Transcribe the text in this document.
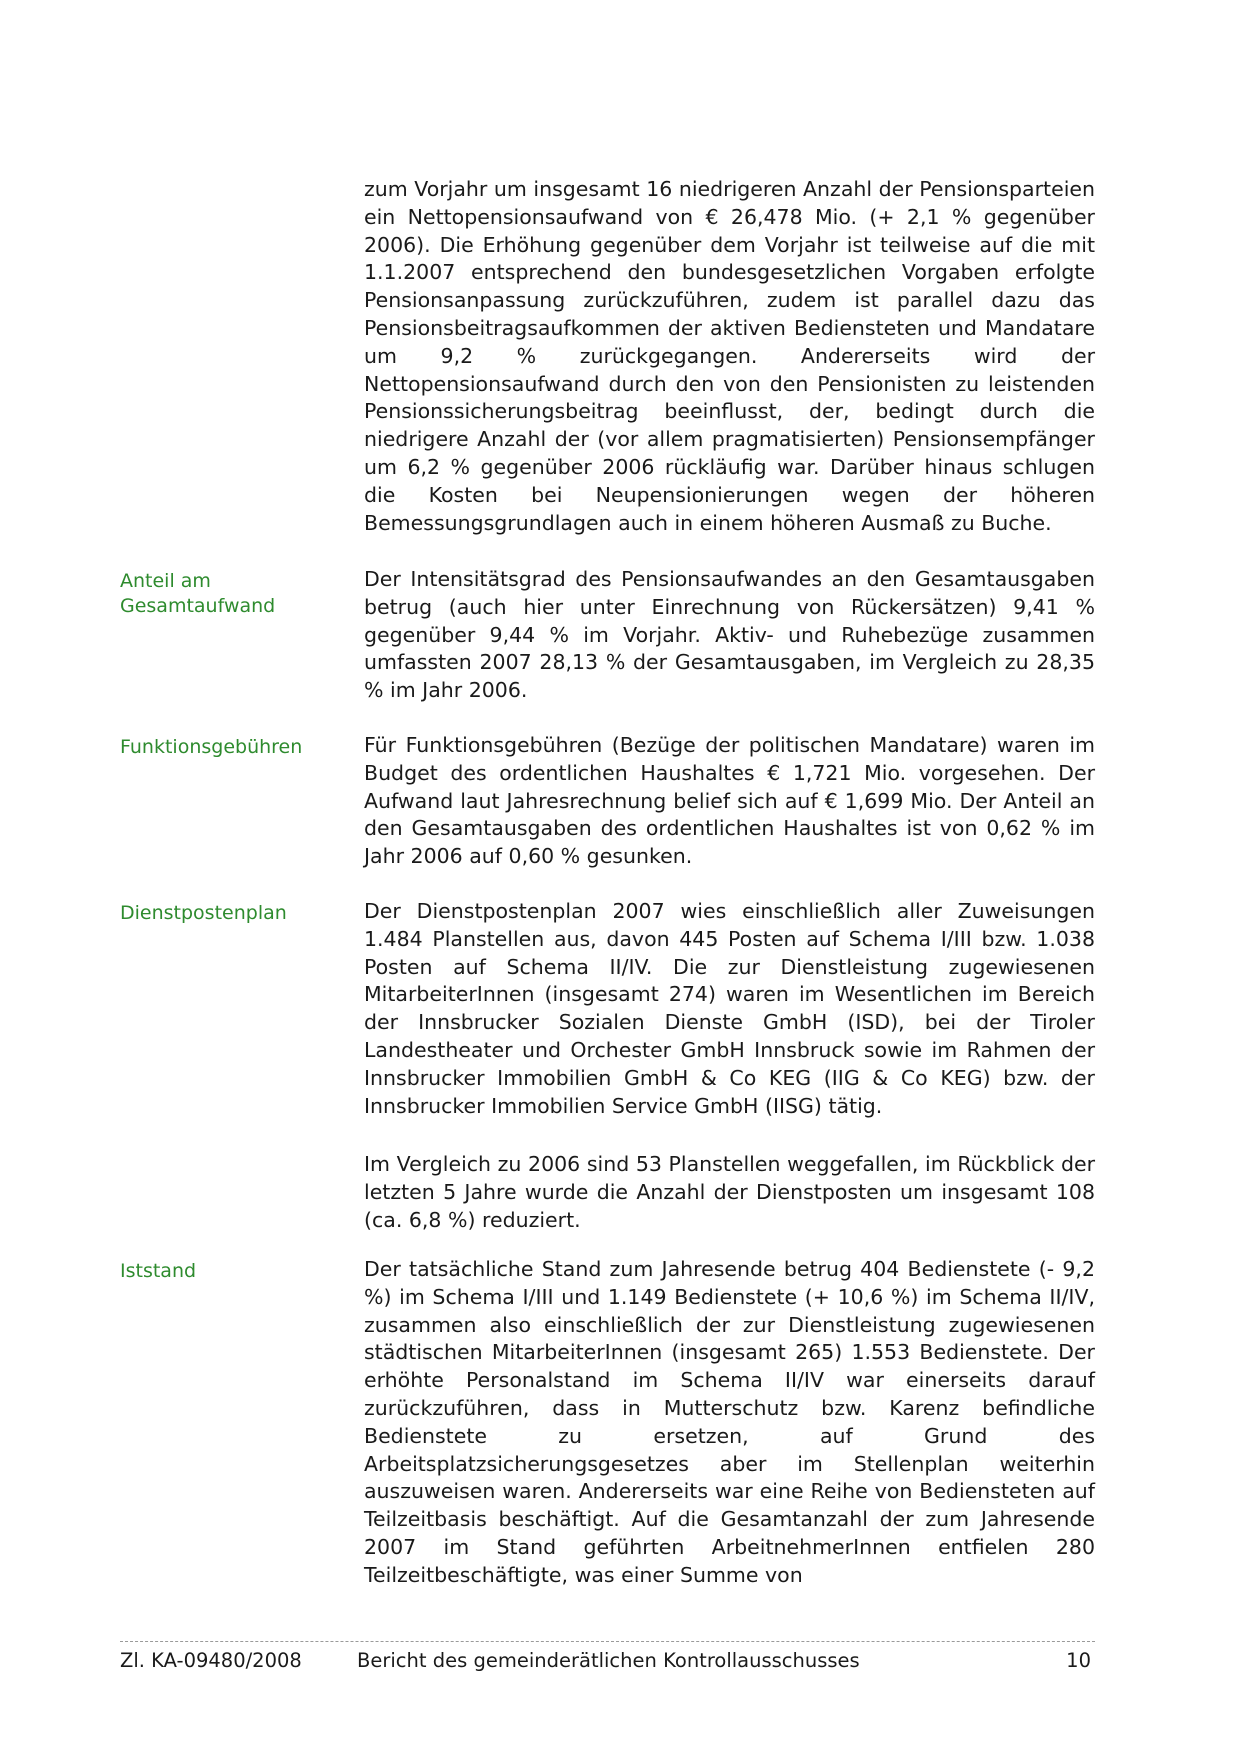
zum Vorjahr um insgesamt 16 niedrigeren Anzahl der Pensionsparteien ein Nettopensionsaufwand von € 26,478 Mio. (+ 2,1 % gegenüber 2006). Die Erhöhung gegenüber dem Vorjahr ist teilweise auf die mit 1.1.2007 entsprechend den bundesgesetzlichen Vorgaben erfolgte Pensionsanpassung zurückzuführen, zudem ist parallel dazu das Pensionsbeitragsaufkommen der aktiven Bediensteten und Mandatare um 9,2 % zurückgegangen. Andererseits wird der Nettopensionsaufwand durch den von den Pensionisten zu leistenden Pensionssicherungsbeitrag beeinflusst, der, bedingt durch die niedrigere Anzahl der (vor allem pragmatisierten) Pensionsempfänger um 6,2 % gegenüber 2006 rückläufig war. Darüber hinaus schlugen die Kosten bei Neupensionierungen wegen der höheren Bemessungsgrundlagen auch in einem höheren Ausmaß zu Buche.

Anteil am
Gesamtaufwand

Der Intensitätsgrad des Pensionsaufwandes an den Gesamtausgaben betrug (auch hier unter Einrechnung von Rückersätzen) 9,41 % gegenüber 9,44 % im Vorjahr. Aktiv- und Ruhebezüge zusammen umfassten 2007 28,13 % der Gesamtausgaben, im Vergleich zu 28,35 % im Jahr 2006.

Funktionsgebühren	Für Funktionsgebühren (Bezüge der politischen Mandatare) waren im Budget des ordentlichen Haushaltes € 1,721 Mio. vorgesehen. Der Aufwand laut Jahresrechnung belief sich auf € 1,699 Mio. Der Anteil an den Gesamtausgaben des ordentlichen Haushaltes ist von 0,62 % im Jahr 2006 auf 0,60 % gesunken.

Dienstpostenplan	Der Dienstpostenplan 2007 wies einschließlich aller Zuweisungen 1.484 Planstellen aus, davon 445 Posten auf Schema I/III bzw. 1.038 Posten auf Schema II/IV. Die zur Dienstleistung zugewiesenen MitarbeiterInnen (insgesamt 274) waren im Wesentlichen im Bereich der Innsbrucker Sozialen Dienste GmbH (ISD), bei der Tiroler Landestheater und Orchester GmbH Innsbruck sowie im Rahmen der Innsbrucker Immobilien GmbH & Co KEG (IIG & Co KEG) bzw. der Innsbrucker Immobilien Service GmbH (IISG) tätig.

Im Vergleich zu 2006 sind 53 Planstellen weggefallen, im Rückblick der letzten 5 Jahre wurde die Anzahl der Dienstposten um insgesamt 108 (ca. 6,8 %) reduziert.

Iststand	Der tatsächliche Stand zum Jahresende betrug 404 Bedienstete (- 9,2 %) im Schema I/III und 1.149 Bedienstete (+ 10,6 %) im Schema II/IV, zusammen also einschließlich der zur Dienstleistung zugewiesenen städtischen MitarbeiterInnen (insgesamt 265) 1.553 Bedienstete. Der erhöhte Personalstand im Schema II/IV war einerseits darauf zurückzuführen, dass in Mutterschutz bzw. Karenz befindliche Bedienstete zu ersetzen, auf Grund des Arbeitsplatzsicherungsgesetzes aber im Stellenplan weiterhin auszuweisen waren. Andererseits war eine Reihe von Bediensteten auf Teilzeitbasis beschäftigt. Auf die Gesamtanzahl der zum Jahresende 2007 im Stand geführten ArbeitnehmerInnen entfielen 280 Teilzeitbeschäftigte, was einer Summe von

Zl. KA-09480/2008	Bericht des gemeinderätlichen Kontrollausschusses	10
